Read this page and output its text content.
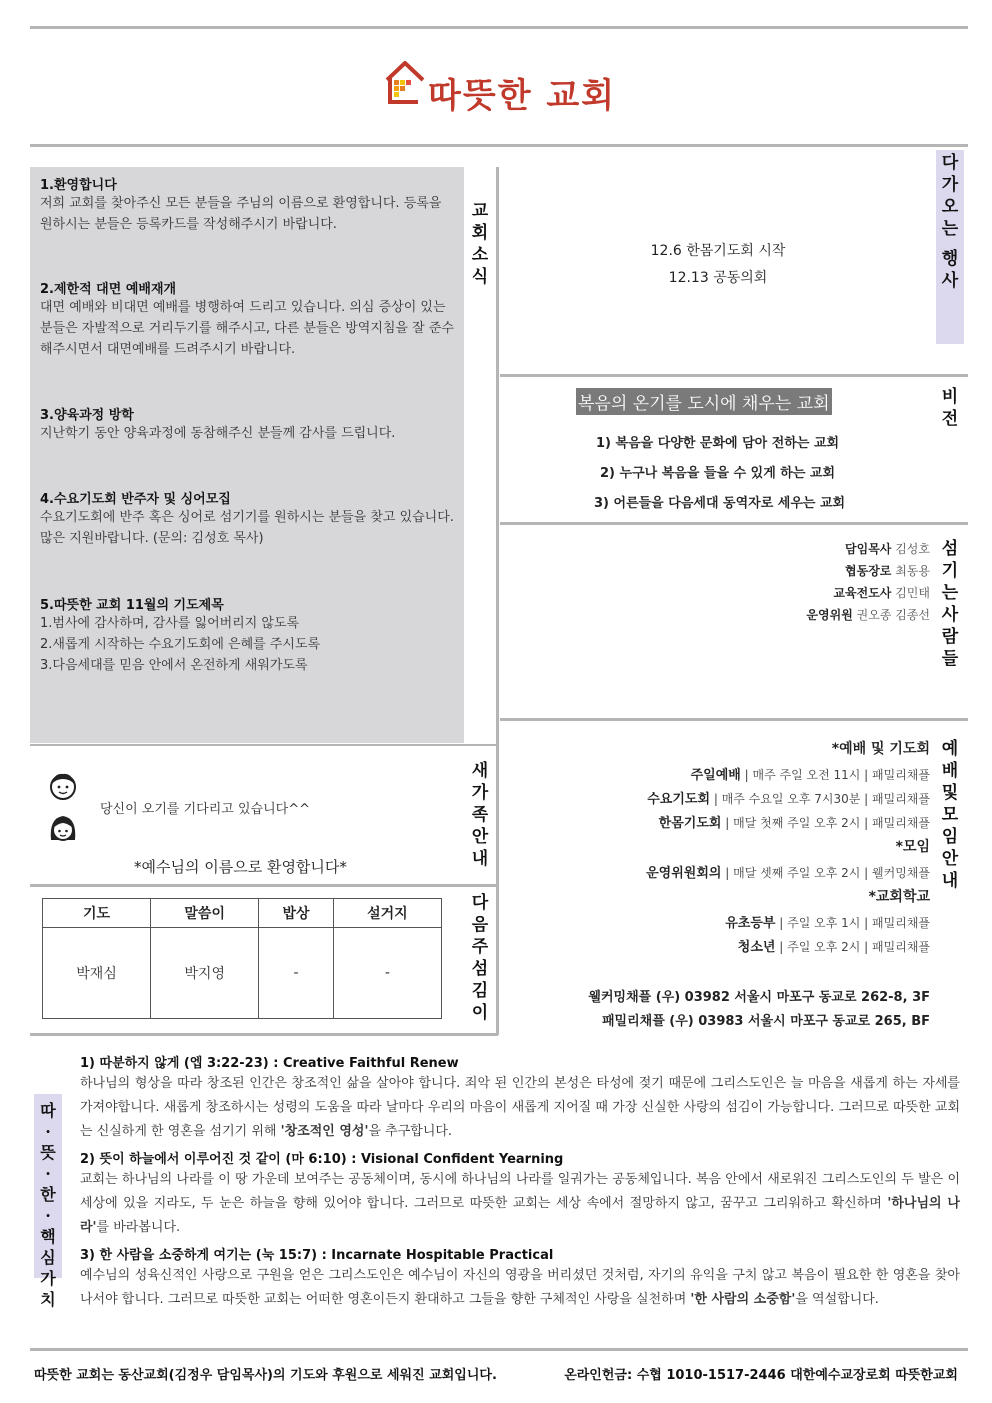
따뜻한 교회
교
회
소
식

1.환영합니다

저희 교회를 찾아주신 모든 분들을 주님의 이름으로 환영합니다. 등록을 원하시는 분들은 등록카드를 작성해주시기 바랍니다.

2.제한적 대면 예배재개

대면 예배와 비대면 예배를 병행하여 드리고 있습니다. 의심 증상이 있는 분들은 자발적으로 거리두기를 해주시고, 다른 분들은 방역지침을 잘 준수해주시면서 대면예배를 드려주시기 바랍니다.

3.양육과정 방학

지난학기 동안 양육과정에 동참해주신 분들께 감사를 드립니다.

4.수요기도회 반주자 및 싱어모집

수요기도회에 반주 혹은 싱어로 섬기기를 원하시는 분들을 찾고 있습니다. 많은 지원바랍니다. (문의: 김성호 목사)

5.따뜻한 교회 11월의 기도제목

1.범사에 감사하며, 감사를 잃어버리지 않도록

2.새롭게 시작하는 수요기도회에 은혜를 주시도록

3.다음세대를 믿음 안에서 온전하게 새워가도록

다
가
오
는
행
사
12.6 한몸기도회 시작
12.13 공동의회
복음의 온기를 도시에 채우는 교회	비
전
1) 복음을 다양한 문화에 담아 전하는 교회
2) 누구나 복음을 들을 수 있게 하는 교회
3) 어른들을 다음세대 동역자로 세우는 교회
섬
기
는
사
람
들
담임목사 김성호
협동장로 최동용
교육전도사 김민태
운영위원 권오종 김종선
예
배
및
모
임
안
내
*예배 및 기도회
주일예배 | 매주 주일 오전 11시 | 패밀리채플
수요기도회 | 매주 수요일 오후 7시30분 | 패밀리채플
한몸기도회 | 매달 첫째 주일 오후 2시 | 패밀리채플
*모임
운영위원회의 | 매달 셋째 주일 오후 2시 | 웰커밍채플
*교회학교
유초등부 | 주일 오후 1시 | 패밀리채플
청소년 | 주일 오후 2시 | 패밀리채플
웰커밍채플 (우) 03982 서울시 마포구 동교로 262-8, 3F
패밀리채플 (우) 03983 서울시 마포구 동교로 265, BF
당신이 오기를 기다리고 있습니다^^
*예수님의 이름으로 환영합니다*
새
가
족
안
내
기도	말씀이	밥상	설거지
박재심	박지영	-	-
다
음
주
섬
김
이
따
·
뜻
·
한
·
핵
심
가
치
1) 따분하지 않게 (엡 3:22-23) : Creative Faithful Renew
하나님의 형상을 따라 창조된 인간은 창조적인 삶을 살아야 합니다. 죄악 된 인간의 본성은 타성에 젖기 때문에 그리스도인은 늘 마음을 새롭게 하는 자세를 가져야합니다. 새롭게 창조하시는 성령의 도움을 따라 날마다 우리의 마음이 새롭게 지어질 때 가장 신실한 사랑의 섬김이 가능합니다. 그러므로 따뜻한 교회는 신실하게 한 영혼을 섬기기 위해 '창조적인 영성'을 추구합니다.
2) 뜻이 하늘에서 이루어진 것 같이 (마 6:10) : Visional Confident Yearning
교회는 하나님의 나라를 이 땅 가운데 보여주는 공동체이며, 동시에 하나님의 나라를 일궈가는 공동체입니다. 복음 안에서 새로워진 그리스도인의 두 발은 이 세상에 있을 지라도, 두 눈은 하늘을 향해 있어야 합니다. 그러므로 따뜻한 교회는 세상 속에서 절망하지 않고, 꿈꾸고 그리워하고 확신하며 '하나님의 나라'를 바라봅니다.
3) 한 사람을 소중하게 여기는 (눅 15:7) : Incarnate Hospitable Practical
예수님의 성육신적인 사랑으로 구원을 얻은 그리스도인은 예수님이 자신의 영광을 버리셨던 것처럼, 자기의 유익을 구치 않고 복음이 필요한 한 영혼을 찾아 나서야 합니다. 그러므로 따뜻한 교회는 어떠한 영혼이든지 환대하고 그들을 향한 구체적인 사랑을 실천하며 '한 사람의 소중함'을 역설합니다.
따뜻한 교회는 동산교회(김정우 담임목사)의 기도와 후원으로 세워진 교회입니다.	온라인헌금: 수협 1010-1517-2446 대한예수교장로회 따뜻한교회
